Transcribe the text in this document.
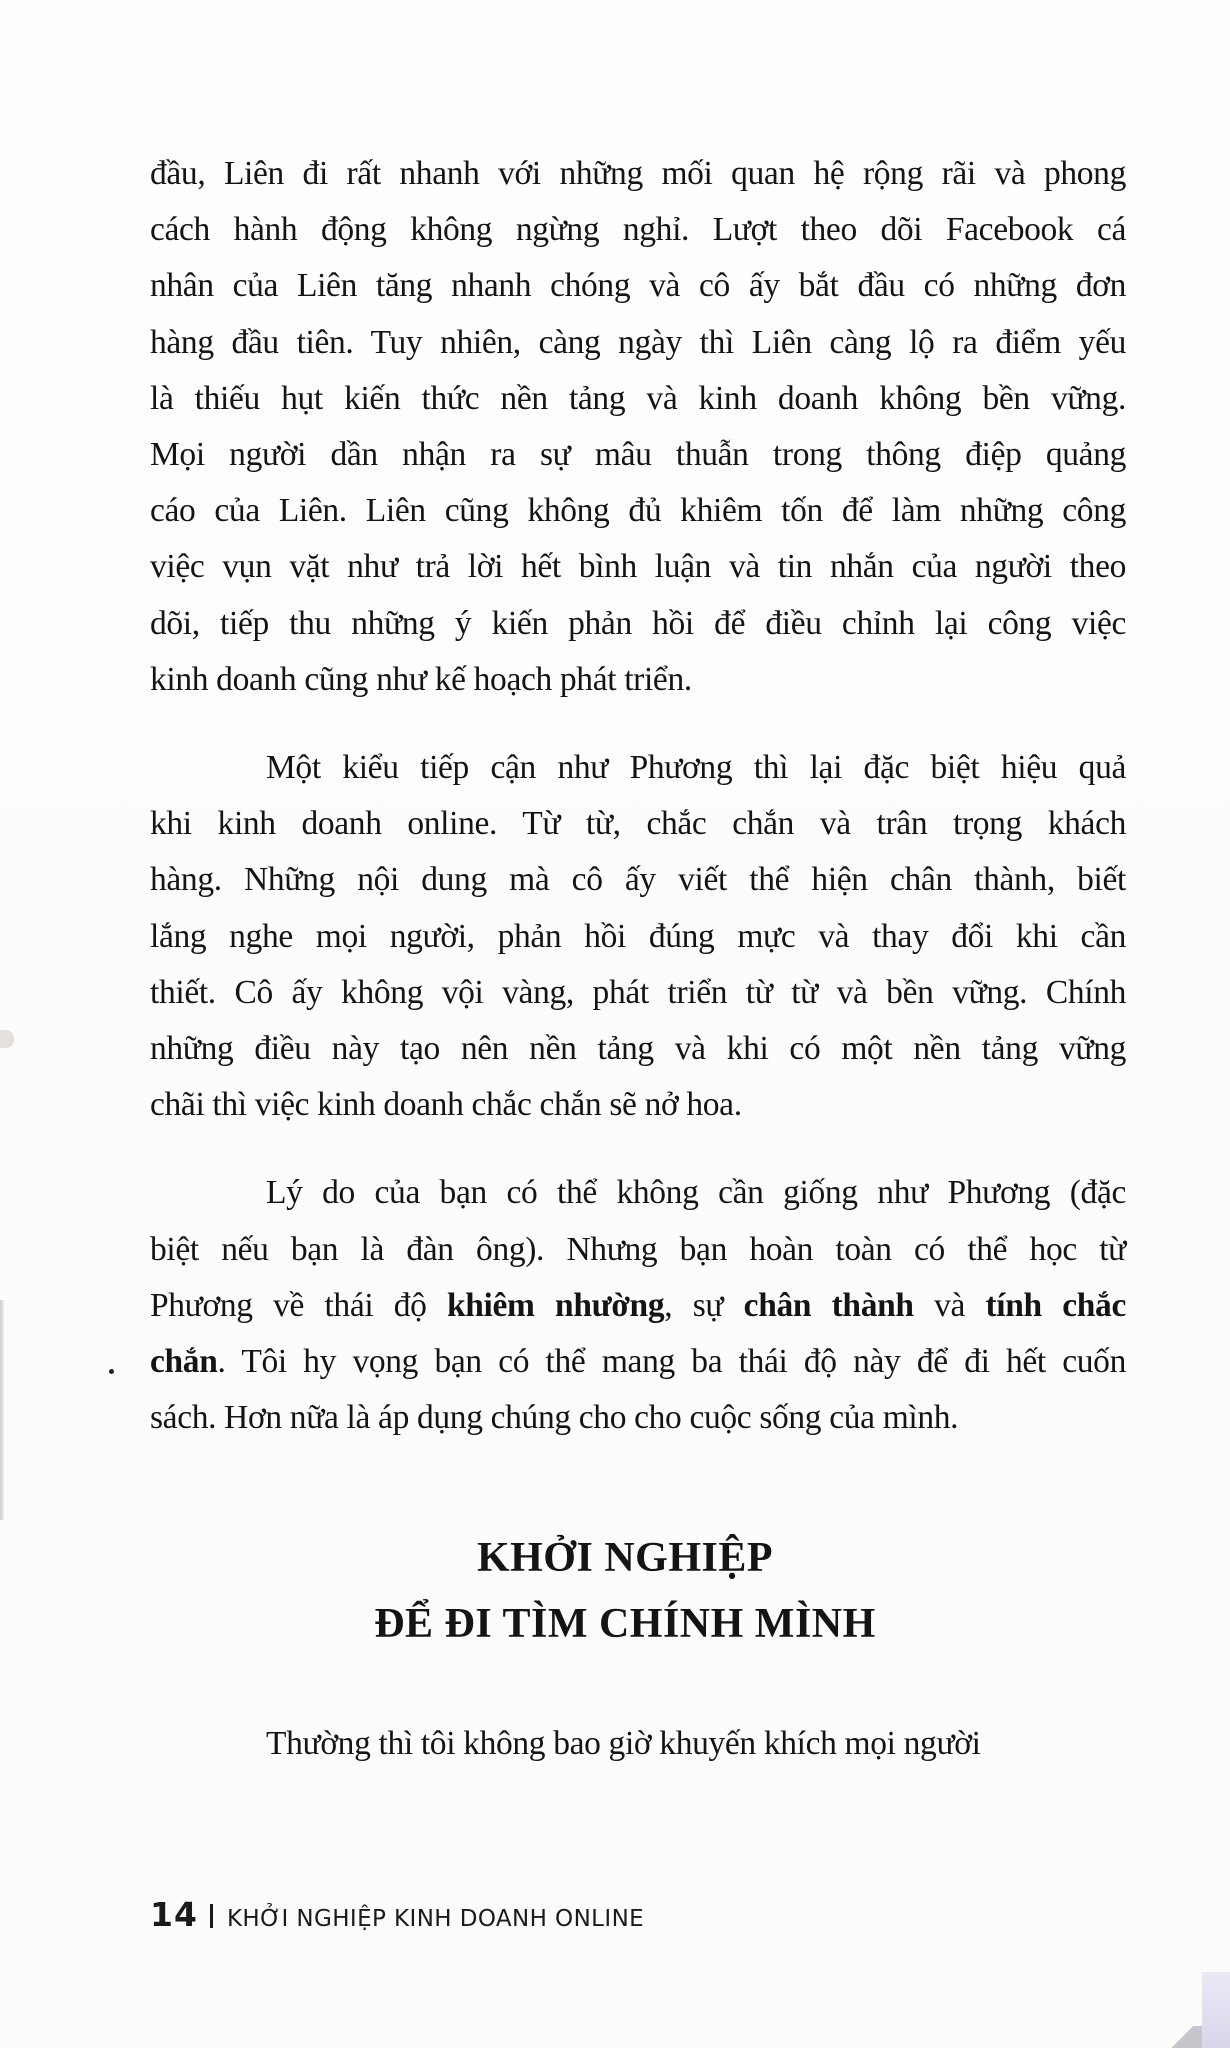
đầu, Liên đi rất nhanh với những mối quan hệ rộng rãi và phong
cách hành động không ngừng nghỉ. Lượt theo dõi Facebook cá
nhân của Liên tăng nhanh chóng và cô ấy bắt đầu có những đơn
hàng đầu tiên. Tuy nhiên, càng ngày thì Liên càng lộ ra điểm yếu
là thiếu hụt kiến thức nền tảng và kinh doanh không bền vững.
Mọi người dần nhận ra sự mâu thuẫn trong thông điệp quảng
cáo của Liên. Liên cũng không đủ khiêm tốn để làm những công
việc vụn vặt như trả lời hết bình luận và tin nhắn của người theo
dõi, tiếp thu những ý kiến phản hồi để điều chỉnh lại công việc
kinh doanh cũng như kế hoạch phát triển.

Một kiểu tiếp cận như Phương thì lại đặc biệt hiệu quả
khi kinh doanh online. Từ từ, chắc chắn và trân trọng khách
hàng. Những nội dung mà cô ấy viết thể hiện chân thành, biết
lắng nghe mọi người, phản hồi đúng mực và thay đổi khi cần
thiết. Cô ấy không vội vàng, phát triển từ từ và bền vững. Chính
những điều này tạo nên nền tảng và khi có một nền tảng vững
chãi thì việc kinh doanh chắc chắn sẽ nở hoa.

Lý do của bạn có thể không cần giống như Phương (đặc
biệt nếu bạn là đàn ông). Nhưng bạn hoàn toàn có thể học từ
Phương về thái độ khiêm nhường, sự chân thành và tính chắc
chắn. Tôi hy vọng bạn có thể mang ba thái độ này để đi hết cuốn
sách. Hơn nữa là áp dụng chúng cho cho cuộc sống của mình.

KHỞI NGHIỆP
ĐỂ ĐI TÌM CHÍNH MÌNH
Thường thì tôi không bao giờ khuyến khích mọi người
14 KHỞI NGHIỆP KINH DOANH ONLINE
